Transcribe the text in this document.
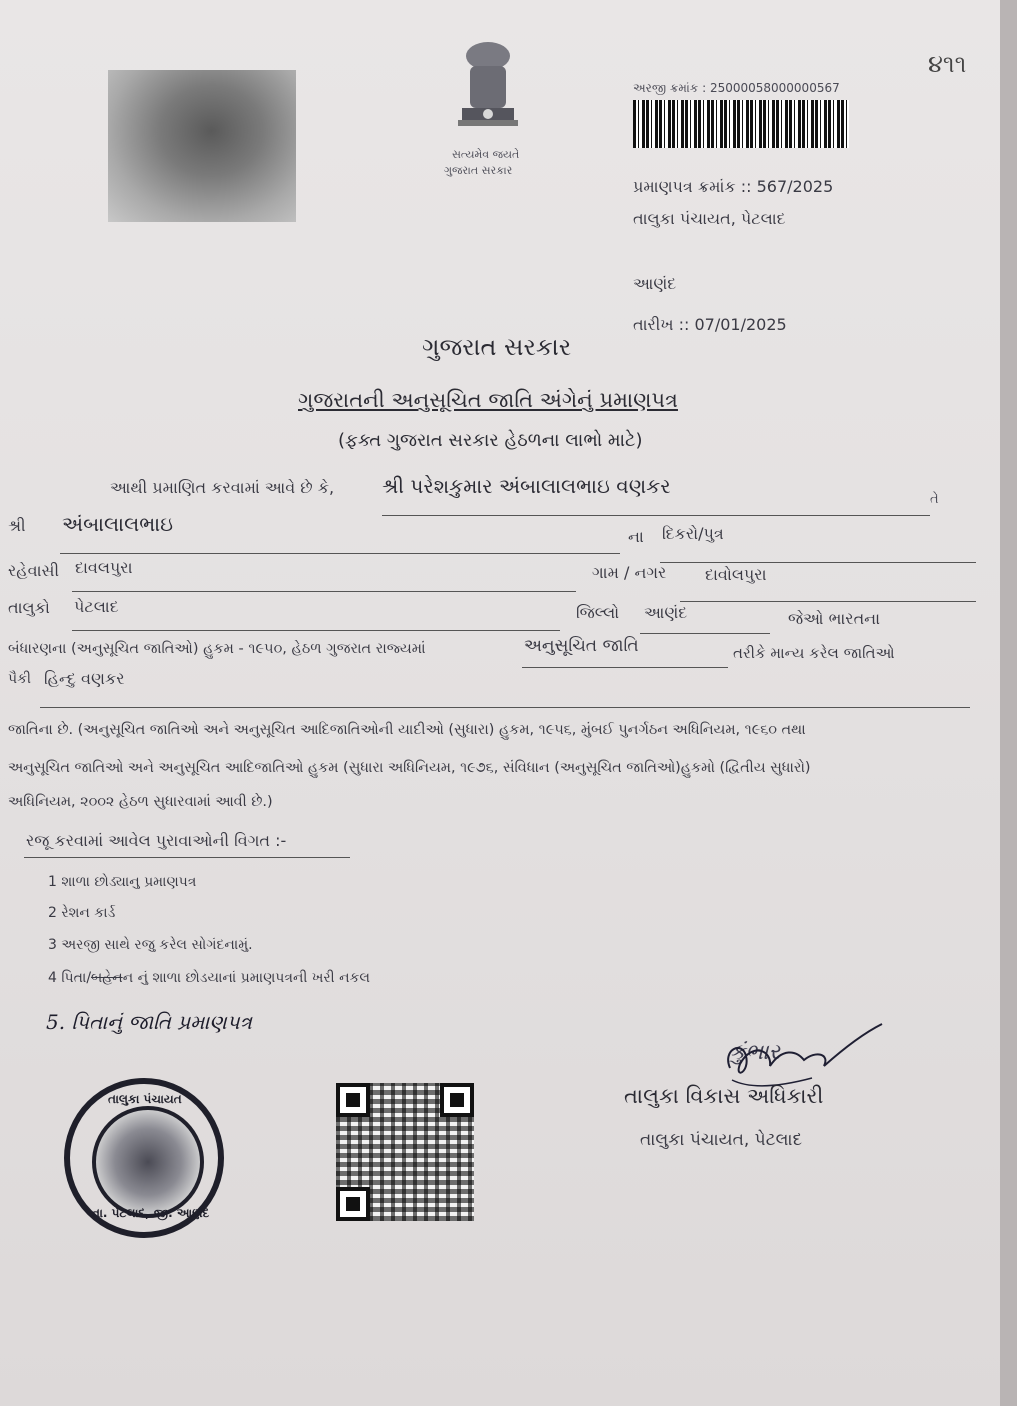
સત્યમેવ જયતે
ગુજરાત સરકાર
૪૧૧
અરજી ક્રમાંક : 25000058000000567
પ્રમાણપત્ર ક્રમાંક :: 567/2025
તાલુકા પંચાયત, પેટલાદ
આણંદ
તારીખ :: 07/01/2025
ગુજરાત સરકાર
ગુજરાતની અનુસૂચિત જાતિ અંગેનું પ્રમાણપત્ર
(ફક્ત ગુજરાત સરકાર હેઠળના લાભો માટે)
આથી પ્રમાણિત કરવામાં આવે છે કે, શ્રી પરેશકુમાર અંબાલાલભાઇ વણકર
તે
શ્રી અંબાલાલભાઇ
ના દિકરો/પુત્ર
રહેવાસી દાવલપુરા	ગામ / નગર દાવોલપુરા
તાલુકો પેટલાદ	જિલ્લો આણંદ	જેઓ ભારતના
બંધારણના (અનુસૂચિત જાતિઓ) હુકમ - ૧૯૫૦, હેઠળ ગુજરાત રાજ્યમાં	અનુસૂચિત જાતિ	તરીકે માન્ય કરેલ જાતિઓ
પૈકી હિન્દુ વણકર
જાતિના છે. (અનુસૂચિત જાતિઓ અને અનુસૂચિત આદિજાતિઓની યાદીઓ (સુધારા) હુકમ, ૧૯૫૬, મુંબઈ પુનર્ગઠન અધિનિયમ, ૧૯૬૦ તથા
અનુસૂચિત જાતિઓ અને અનુસૂચિત આદિજાતિઓ હુકમ (સુધારા અધિનિયમ, ૧૯૭૬, સંવિધાન (અનુસૂચિત જાતિઓ)હુકમો (દ્વિતીય સુધારો)
અધિનિયમ, ૨૦૦૨ હેઠળ સુધારવામાં આવી છે.)
રજૂ કરવામાં આવેલ પુરાવાઓની વિગત :-
1 શાળા છોડ્યાનુ પ્રમાણપત્ર
2 રેશન કાર્ડ
3 અરજી સાથે રજુ કરેલ સોગંદનામું.
4 પિતા/બહેનન નું શાળા છોડયાનાં પ્રમાણપત્રની ખરી નકલ
5. પિતાનું જાતિ પ્રમાણપત્ર
તાલુકા પંચાયત
તા. પેટલાદ, જી. આણંદ
કુંભાર
તાલુકા વિકાસ અધિકારી
તાલુકા પંચાયત, પેટલાદ
